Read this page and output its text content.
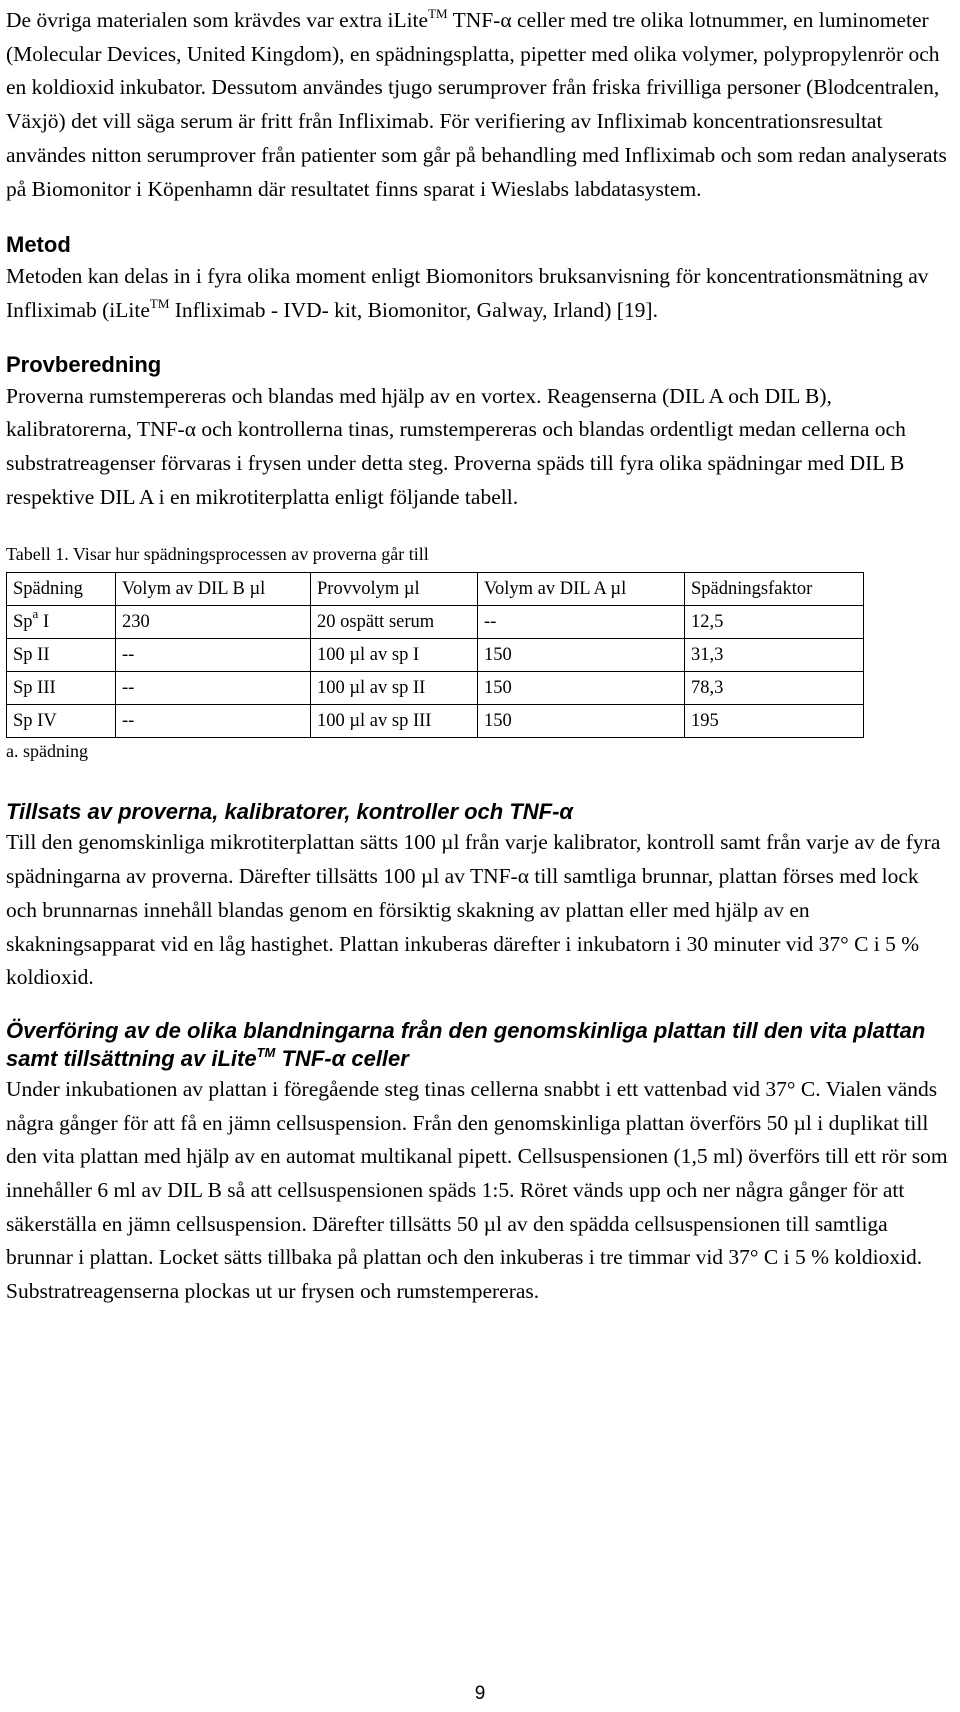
De övriga materialen som krävdes var extra iLite™ TNF-α celler med tre olika lotnummer, en luminometer (Molecular Devices, United Kingdom), en spädningsplatta, pipetter med olika volymer, polypropylenrör och en koldioxid inkubator. Dessutom användes tjugo serumprover från friska frivilliga personer (Blodcentralen, Växjö) det vill säga serum är fritt från Infliximab. För verifiering av Infliximab koncentrationsresultat användes nitton serumprover från patienter som går på behandling med Infliximab och som redan analyserats på Biomonitor i Köpenhamn där resultatet finns sparat i Wieslabs labdatasystem.

Metod

Metoden kan delas in i fyra olika moment enligt Biomonitors bruksanvisning för koncentrationsmätning av Infliximab (iLite™ Infliximab - IVD- kit, Biomonitor, Galway, Irland) [19].

Provberedning

Proverna rumstempereras och blandas med hjälp av en vortex. Reagenserna (DIL A och DIL B), kalibratorerna, TNF-α och kontrollerna tinas, rumstempereras och blandas ordentligt medan cellerna och substratreagenser förvaras i frysen under detta steg. Proverna späds till fyra olika spädningar med DIL B respektive DIL A i en mikrotiterplatta enligt följande tabell.

Tabell 1. Visar hur spädningsprocessen av proverna går till

Spädning	Volym av DIL B µl	Provvolym µl	Volym av DIL A µl	Spädningsfaktor
Sp$^a$ I	230	20 ospätt serum	--	12,5
Sp II	--	100 µl av sp I	150	31,3
Sp III	--	100 µl av sp II	150	78,3
Sp IV	--	100 µl av sp III	150	195

a. spädning

Tillsats av proverna, kalibratorer, kontroller och TNF-α

Till den genomskinliga mikrotiterplattan sätts 100 µl från varje kalibrator, kontroll samt från varje av de fyra spädningarna av proverna. Därefter tillsätts 100 µl av TNF-α till samtliga brunnar, plattan förses med lock och brunnarnas innehåll blandas genom en försiktig skakning av plattan eller med hjälp av en skakningsapparat vid en låg hastighet. Plattan inkuberas därefter i inkubatorn i 30 minuter vid 37° C i 5 % koldioxid.

Överföring av de olika blandningarna från den genomskinliga plattan till den vita plattan samt tillsättning av iLite™ TNF-α celler

Under inkubationen av plattan i föregående steg tinas cellerna snabbt i ett vattenbad vid 37° C. Vialen vänds några gånger för att få en jämn cellsuspension. Från den genomskinliga plattan överförs 50 µl i duplikat till den vita plattan med hjälp av en automat multikanal pipett. Cellsuspensionen (1,5 ml) överförs till ett rör som innehåller 6 ml av DIL B så att cellsuspensionen späds 1:5. Röret vänds upp och ner några gånger för att säkerställa en jämn cellsuspension. Därefter tillsätts 50 µl av den spädda cellsuspensionen till samtliga brunnar i plattan. Locket sätts tillbaka på plattan och den inkuberas i tre timmar vid 37° C i 5 % koldioxid. Substratreagenserna plockas ut ur frysen och rumstempereras.

9
